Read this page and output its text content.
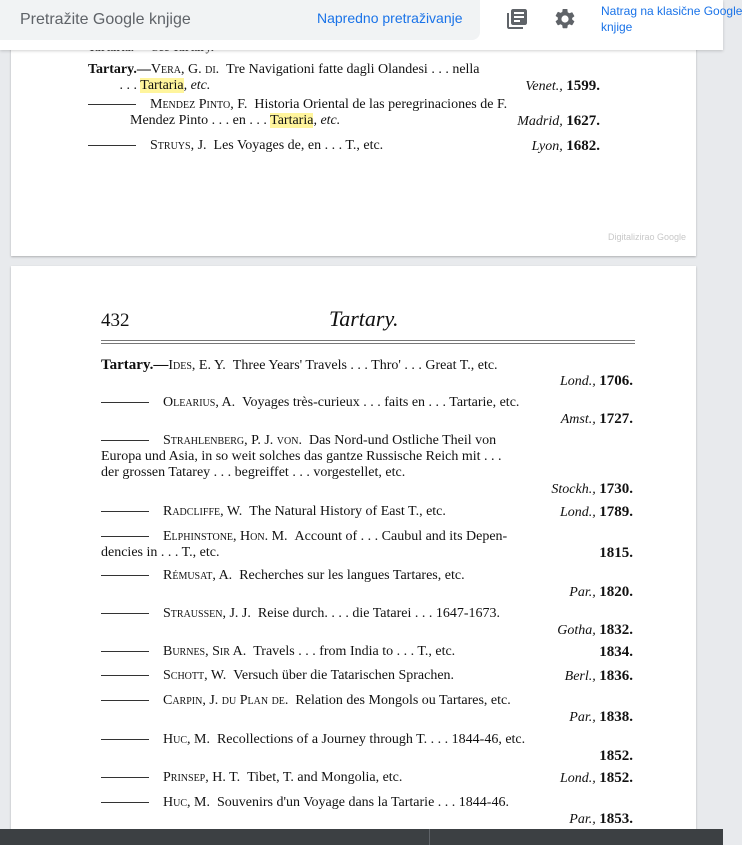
Pretražite Google knjige
Napredno pretraživanje	Natrag na klasične Google
knjige
Tartary.—Vera, G. di. Tre Navigationi fatte dagli Olandesi . . . nella
. . . Tartaria, etc.	Venet., 1599.
Mendez Pinto, F. Historia Oriental de las peregrinaciones de F.
Mendez Pinto . . . en . . . Tartaria, etc.	Madrid, 1627.
Struys, J. Les Voyages de, en . . . T., etc.	Lyon, 1682.
Digitalizirao Google
432	Tartary.
Tartary.—Ides, E. Y. Three Years' Travels . . . Thro' . . . Great T., etc.
Lond., 1706.
Olearius, A. Voyages très-curieux . . . faits en . . . Tartarie, etc.
Amst., 1727.
Strahlenberg, P. J. von. Das Nord-und Ostliche Theil von
Europa und Asia, in so weit solches das gantze Russische Reich mit . . .
der grossen Tatarey . . . begreiffet . . . vorgestellet, etc.
Stockh., 1730.
Radcliffe, W. The Natural History of East T., etc.	Lond., 1789.
Elphinstone, Hon. M. Account of . . . Caubul and its Depen-
dencies in . . . T., etc.	1815.
Rémusat, A. Recherches sur les langues Tartares, etc.
Par., 1820.
Straussen, J. J. Reise durch. . . . die Tatarei . . . 1647-1673.
Gotha, 1832.
Burnes, Sir A. Travels . . . from India to . . . T., etc.	1834.
Schott, W. Versuch über die Tatarischen Sprachen.	Berl., 1836.
Carpin, J. du Plan de. Relation des Mongols ou Tartares, etc.
Par., 1838.
Huc, M. Recollections of a Journey through T. . . . 1844-46, etc.
1852.
Prinsep, H. T. Tibet, T. and Mongolia, etc.	Lond., 1852.
Huc, M. Souvenirs d'un Voyage dans la Tartarie . . . 1844-46.
Par., 1853.
